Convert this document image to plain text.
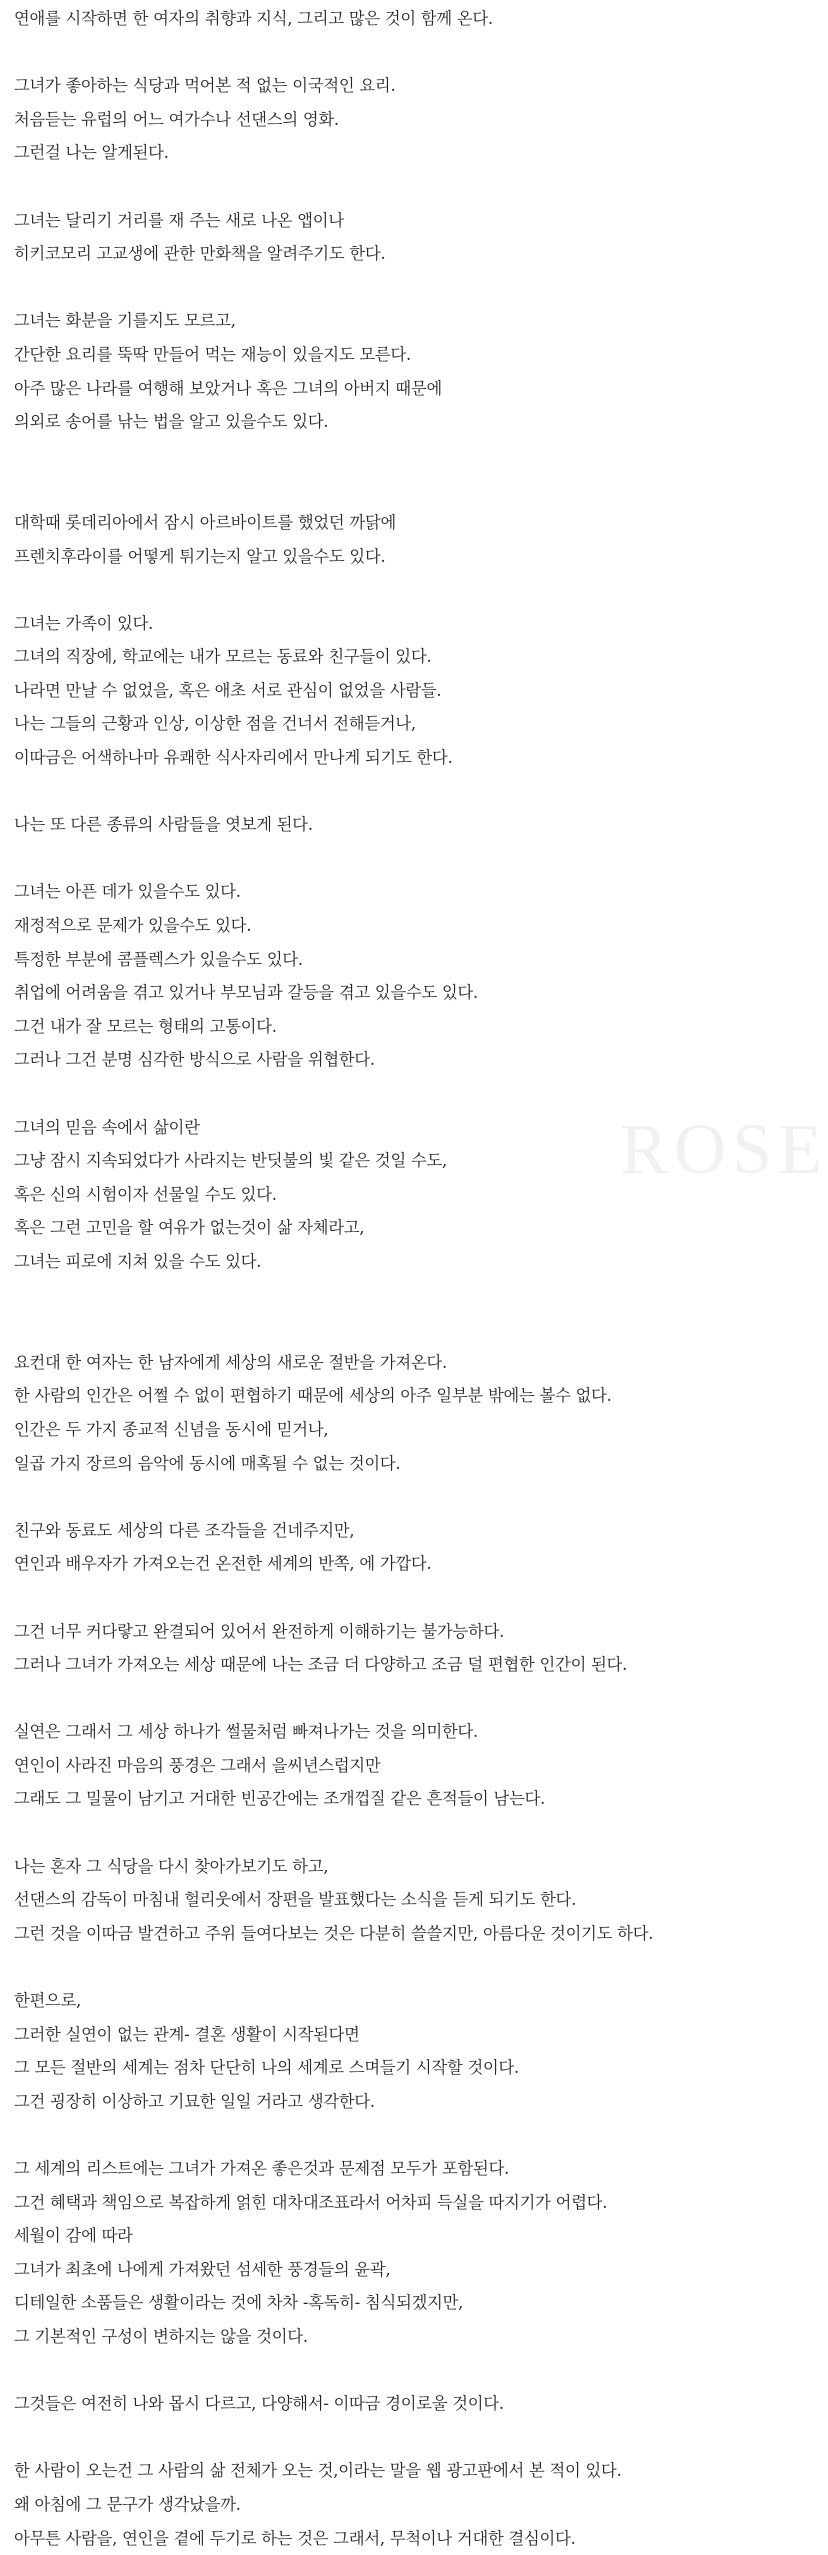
연애를 시작하면 한 여자의 취향과 지식, 그리고 많은 것이 함께 온다.
그녀가 좋아하는 식당과 먹어본 적 없는 이국적인 요리.
처음듣는 유럽의 어느 여가수나 선댄스의 영화.
그런걸 나는 알게된다.
그녀는 달리기 거리를 재 주는 새로 나온 앱이나
히키코모리 고교생에 관한 만화책을 알려주기도 한다.
그녀는 화분을 기를지도 모르고,
간단한 요리를 뚝딱 만들어 먹는 재능이 있을지도 모른다.
아주 많은 나라를 여행해 보았거나 혹은 그녀의 아버지 때문에
의외로 송어를 낚는 법을 알고 있을수도 있다.
대학때 롯데리아에서 잠시 아르바이트를 했었던 까닭에
프렌치후라이를 어떻게 튀기는지 알고 있을수도 있다.
그녀는 가족이 있다.
그녀의 직장에, 학교에는 내가 모르는 동료와 친구들이 있다.
나라면 만날 수 없었을, 혹은 애초 서로 관심이 없었을 사람들.
나는 그들의 근황과 인상, 이상한 점을 건너서 전해듣거나,
이따금은 어색하나마 유쾌한 식사자리에서 만나게 되기도 한다.
나는 또 다른 종류의 사람들을 엿보게 된다.
그녀는 아픈 데가 있을수도 있다.
재정적으로 문제가 있을수도 있다.
특정한 부분에 콤플렉스가 있을수도 있다.
취업에 어려움을 겪고 있거나 부모님과 갈등을 겪고 있을수도 있다.
그건 내가 잘 모르는 형태의 고통이다.
그러나 그건 분명 심각한 방식으로 사람을 위협한다.
그녀의 믿음 속에서 삶이란
그냥 잠시 지속되었다가 사라지는 반딧불의 빛 같은 것일 수도,
혹은 신의 시험이자 선물일 수도 있다.
혹은 그런 고민을 할 여유가 없는것이 삶 자체라고,
그녀는 피로에 지쳐 있을 수도 있다.
요컨대 한 여자는 한 남자에게 세상의 새로운 절반을 가져온다.
한 사람의 인간은 어쩔 수 없이 편협하기 때문에 세상의 아주 일부분 밖에는 볼수 없다.
인간은 두 가지 종교적 신념을 동시에 믿거나,
일곱 가지 장르의 음악에 동시에 매혹될 수 없는 것이다.
친구와 동료도 세상의 다른 조각들을 건네주지만,
연인과 배우자가 가져오는건 온전한 세계의 반쪽, 에 가깝다.
그건 너무 커다랗고 완결되어 있어서 완전하게 이해하기는 불가능하다.
그러나 그녀가 가져오는 세상 때문에 나는 조금 더 다양하고 조금 덜 편협한 인간이 된다.
실연은 그래서 그 세상 하나가 썰물처럼 빠져나가는 것을 의미한다.
연인이 사라진 마음의 풍경은 그래서 을씨년스럽지만
그래도 그 밀물이 남기고 거대한 빈공간에는 조개껍질 같은 흔적들이 남는다.
나는 혼자 그 식당을 다시 찾아가보기도 하고,
선댄스의 감독이 마침내 헐리웃에서 장편을 발표했다는 소식을 듣게 되기도 한다.
그런 것을 이따금 발견하고 주위 들여다보는 것은 다분히 쓸쓸지만, 아름다운 것이기도 하다.
한편으로,
그러한 실연이 없는 관계- 결혼 생활이 시작된다면
그 모든 절반의 세계는 점차 단단히 나의 세계로 스며들기 시작할 것이다.
그건 굉장히 이상하고 기묘한 일일 거라고 생각한다.
그 세계의 리스트에는 그녀가 가져온 좋은것과 문제점 모두가 포함된다.
그건 혜택과 책임으로 복잡하게 얽힌 대차대조표라서 어차피 득실을 따지기가 어렵다.
세월이 감에 따라
그녀가 최초에 나에게 가져왔던 섬세한 풍경들의 윤곽,
디테일한 소품들은 생활이라는 것에 차차 -혹독히- 침식되겠지만,
그 기본적인 구성이 변하지는 않을 것이다.
그것들은 여전히 나와 몹시 다르고, 다양해서- 이따금 경이로울 것이다.
한 사람이 오는건 그 사람의 삶 전체가 오는 것,이라는 말을 웹 광고판에서 본 적이 있다.
왜 아침에 그 문구가 생각났을까.
아무튼 사람을, 연인을 곁에 두기로 하는 것은 그래서, 무척이나 거대한 결심이다.
ROSE
